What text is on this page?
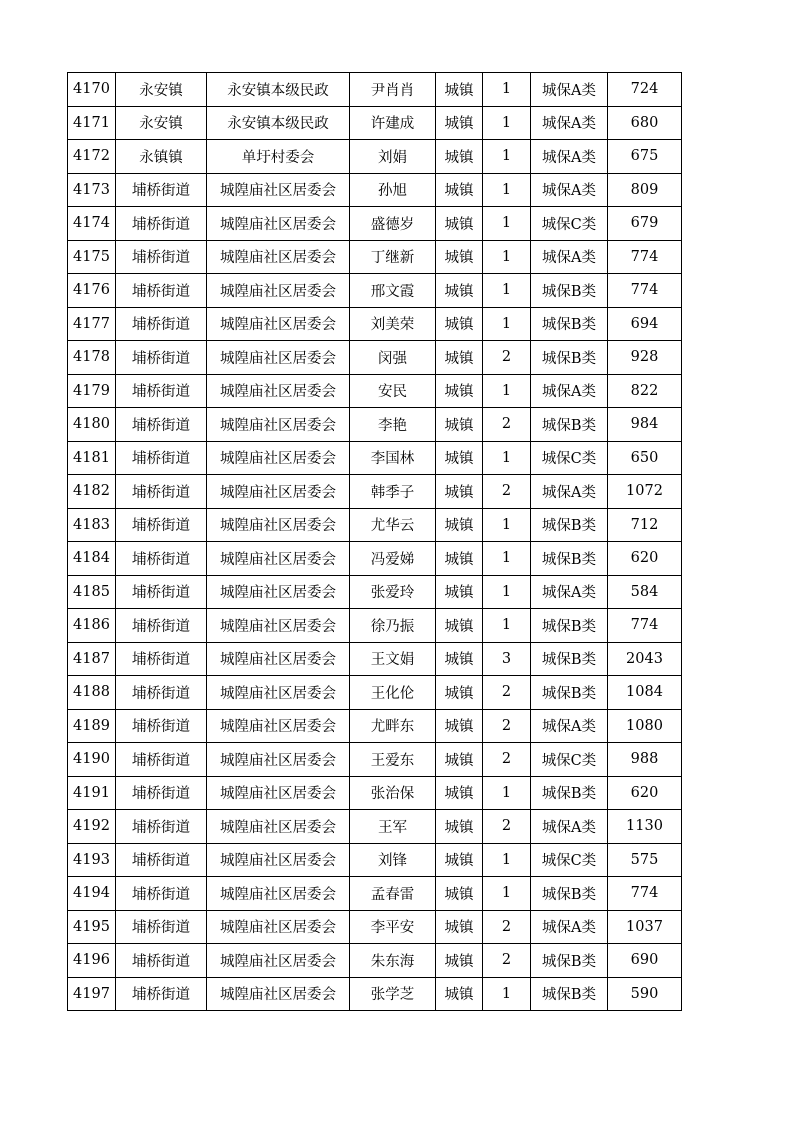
4170	永安镇	永安镇本级民政	尹肖肖	城镇	1	城保A类	724
4171	永安镇	永安镇本级民政	许建成	城镇	1	城保A类	680
4172	永镇镇	单圩村委会	刘娟	城镇	1	城保A类	675
4173	埔桥街道	城隍庙社区居委会	孙旭	城镇	1	城保A类	809
4174	埔桥街道	城隍庙社区居委会	盛德岁	城镇	1	城保C类	679
4175	埔桥街道	城隍庙社区居委会	丁继新	城镇	1	城保A类	774
4176	埔桥街道	城隍庙社区居委会	邢文霞	城镇	1	城保B类	774
4177	埔桥街道	城隍庙社区居委会	刘美荣	城镇	1	城保B类	694
4178	埔桥街道	城隍庙社区居委会	闵强	城镇	2	城保B类	928
4179	埔桥街道	城隍庙社区居委会	安民	城镇	1	城保A类	822
4180	埔桥街道	城隍庙社区居委会	李艳	城镇	2	城保B类	984
4181	埔桥街道	城隍庙社区居委会	李国林	城镇	1	城保C类	650
4182	埔桥街道	城隍庙社区居委会	韩季子	城镇	2	城保A类	1072
4183	埔桥街道	城隍庙社区居委会	尤华云	城镇	1	城保B类	712
4184	埔桥街道	城隍庙社区居委会	冯爱娣	城镇	1	城保B类	620
4185	埔桥街道	城隍庙社区居委会	张爱玲	城镇	1	城保A类	584
4186	埔桥街道	城隍庙社区居委会	徐乃振	城镇	1	城保B类	774
4187	埔桥街道	城隍庙社区居委会	王文娟	城镇	3	城保B类	2043
4188	埔桥街道	城隍庙社区居委会	王化伦	城镇	2	城保B类	1084
4189	埔桥街道	城隍庙社区居委会	尤畔东	城镇	2	城保A类	1080
4190	埔桥街道	城隍庙社区居委会	王爱东	城镇	2	城保C类	988
4191	埔桥街道	城隍庙社区居委会	张治保	城镇	1	城保B类	620
4192	埔桥街道	城隍庙社区居委会	王军	城镇	2	城保A类	1130
4193	埔桥街道	城隍庙社区居委会	刘锋	城镇	1	城保C类	575
4194	埔桥街道	城隍庙社区居委会	孟春雷	城镇	1	城保B类	774
4195	埔桥街道	城隍庙社区居委会	李平安	城镇	2	城保A类	1037
4196	埔桥街道	城隍庙社区居委会	朱东海	城镇	2	城保B类	690
4197	埔桥街道	城隍庙社区居委会	张学芝	城镇	1	城保B类	590
